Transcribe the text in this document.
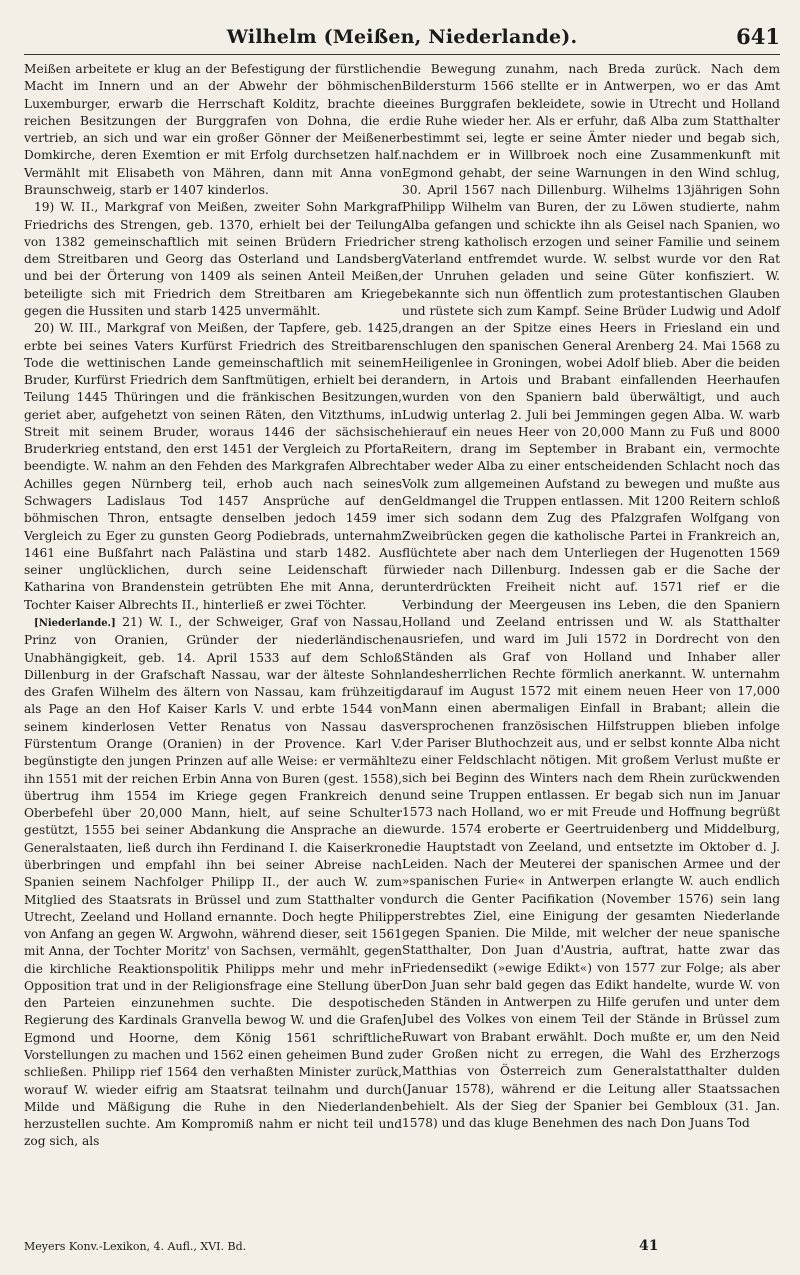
Wilhelm (Meißen, Niederlande).	641

Meißen arbeitete er klug an der Befestigung der fürstlichen Macht im Innern und an der Abwehr der böhmischen Luxemburger, erwarb die Herrschaft Kolditz, brachte die reichen Besitzungen der Burggrafen von Dohna, die er vertrieb, an sich und war ein großer Gönner der Meißener Domkirche, deren Exemtion er mit Erfolg durchsetzen half. Vermählt mit Elisabeth von Mähren, dann mit Anna von Braunschweig, starb er 1407 kinderlos.

19) W. II., Markgraf von Meißen, zweiter Sohn Markgraf Friedrichs des Strengen, geb. 1370, erhielt bei der Teilung von 1382 gemeinschaftlich mit seinen Brüdern Friedrich dem Streitbaren und Georg das Osterland und Landsberg und bei der Örterung von 1409 als seinen Anteil Meißen, beteiligte sich mit Friedrich dem Streitbaren am Kriege gegen die Hussiten und starb 1425 unvermählt.

20) W. III., Markgraf von Meißen, der Tapfere, geb. 1425, erbte bei seines Vaters Kurfürst Friedrich des Streitbaren Tode die wettinischen Lande gemeinschaftlich mit seinem Bruder, Kurfürst Friedrich dem Sanftmütigen, erhielt bei der Teilung 1445 Thüringen und die fränkischen Besitzungen, geriet aber, aufgehetzt von seinen Räten, den Vitzthums, in Streit mit seinem Bruder, woraus 1446 der sächsische Bruderkrieg entstand, den erst 1451 der Vergleich zu Pforta beendigte. W. nahm an den Fehden des Markgrafen Albrecht Achilles gegen Nürnberg teil, erhob auch nach seines Schwagers Ladislaus Tod 1457 Ansprüche auf den böhmischen Thron, entsagte denselben jedoch 1459 im Vergleich zu Eger zu gunsten Georg Podiebrads, unternahm 1461 eine Bußfahrt nach Palästina und starb 1482. Aus seiner unglücklichen, durch seine Leidenschaft für Katharina von Brandenstein getrübten Ehe mit Anna, der Tochter Kaiser Albrechts II., hinterließ er zwei Töchter.

[Niederlande.] 21) W. I., der Schweiger, Graf von Nassau, Prinz von Oranien, Gründer der niederländischen Unabhängigkeit, geb. 14. April 1533 auf dem Schloß Dillenburg in der Grafschaft Nassau, war der älteste Sohn des Grafen Wilhelm des ältern von Nassau, kam frühzeitig als Page an den Hof Kaiser Karls V. und erbte 1544 von seinem kinderlosen Vetter Renatus von Nassau das Fürstentum Orange (Oranien) in der Provence. Karl V. begünstigte den jungen Prinzen auf alle Weise: er vermählte ihn 1551 mit der reichen Erbin Anna von Buren (gest. 1558), übertrug ihm 1554 im Kriege gegen Frankreich den Oberbefehl über 20,000 Mann, hielt, auf seine Schulter gestützt, 1555 bei seiner Abdankung die Ansprache an die Generalstaaten, ließ durch ihn Ferdinand I. die Kaiserkrone überbringen und empfahl ihn bei seiner Abreise nach Spanien seinem Nachfolger Philipp II., der auch W. zum Mitglied des Staatsrats in Brüssel und zum Statthalter von Utrecht, Zeeland und Holland ernannte. Doch hegte Philipp von Anfang an gegen W. Argwohn, während dieser, seit 1561 mit Anna, der Tochter Moritz' von Sachsen, vermählt, gegen die kirchliche Reaktionspolitik Philipps mehr und mehr in Opposition trat und in der Religionsfrage eine Stellung über den Parteien einzunehmen suchte. Die despotische Regierung des Kardinals Granvella bewog W. und die Grafen Egmond und Hoorne, dem König 1561 schriftliche Vorstellungen zu machen und 1562 einen geheimen Bund zu schließen. Philipp rief 1564 den verhaßten Minister zurück, worauf W. wieder eifrig am Staatsrat teilnahm und durch Milde und Mäßigung die Ruhe in den Niederlanden herzustellen suchte. Am Kompromiß nahm er nicht teil und zog sich, als

die Bewegung zunahm, nach Breda zurück. Nach dem Bildersturm 1566 stellte er in Antwerpen, wo er das Amt eines Burggrafen bekleidete, sowie in Utrecht und Holland die Ruhe wieder her. Als er erfuhr, daß Alba zum Statthalter bestimmt sei, legte er seine Ämter nieder und begab sich, nachdem er in Willbroek noch eine Zusammenkunft mit Egmond gehabt, der seine Warnungen in den Wind schlug, 30. April 1567 nach Dillenburg. Wilhelms 13jährigen Sohn Philipp Wilhelm van Buren, der zu Löwen studierte, nahm Alba gefangen und schickte ihn als Geisel nach Spanien, wo er streng katholisch erzogen und seiner Familie und seinem Vaterland entfremdet wurde. W. selbst wurde vor den Rat der Unruhen geladen und seine Güter konfisziert. W. bekannte sich nun öffentlich zum protestantischen Glauben und rüstete sich zum Kampf. Seine Brüder Ludwig und Adolf drangen an der Spitze eines Heers in Friesland ein und schlugen den spanischen General Arenberg 24. Mai 1568 zu Heiligenlee in Groningen, wobei Adolf blieb. Aber die beiden andern, in Artois und Brabant einfallenden Heerhaufen wurden von den Spaniern bald überwältigt, und auch Ludwig unterlag 2. Juli bei Jemmingen gegen Alba. W. warb hierauf ein neues Heer von 20,000 Mann zu Fuß und 8000 Reitern, drang im September in Brabant ein, vermochte aber weder Alba zu einer entscheidenden Schlacht noch das Volk zum allgemeinen Aufstand zu bewegen und mußte aus Geldmangel die Truppen entlassen. Mit 1200 Reitern schloß er sich sodann dem Zug des Pfalzgrafen Wolfgang von Zweibrücken gegen die katholische Partei in Frankreich an, flüchtete aber nach dem Unterliegen der Hugenotten 1569 wieder nach Dillenburg. Indessen gab er die Sache der unterdrückten Freiheit nicht auf. 1571 rief er die Verbindung der Meergeusen ins Leben, die den Spaniern Holland und Zeeland entrissen und W. als Statthalter ausriefen, und ward im Juli 1572 in Dordrecht von den Ständen als Graf von Holland und Inhaber aller landesherrlichen Rechte förmlich anerkannt. W. unternahm darauf im August 1572 mit einem neuen Heer von 17,000 Mann einen abermaligen Einfall in Brabant; allein die versprochenen französischen Hilfstruppen blieben infolge der Pariser Bluthochzeit aus, und er selbst konnte Alba nicht zu einer Feldschlacht nötigen. Mit großem Verlust mußte er sich bei Beginn des Winters nach dem Rhein zurückwenden und seine Truppen entlassen. Er begab sich nun im Januar 1573 nach Holland, wo er mit Freude und Hoffnung begrüßt wurde. 1574 eroberte er Geertruidenberg und Middelburg, die Hauptstadt von Zeeland, und entsetzte im Oktober d. J. Leiden. Nach der Meuterei der spanischen Armee und der »spanischen Furie« in Antwerpen erlangte W. auch endlich durch die Genter Pacifikation (November 1576) sein lang erstrebtes Ziel, eine Einigung der gesamten Niederlande gegen Spanien. Die Milde, mit welcher der neue spanische Statthalter, Don Juan d'Austria, auftrat, hatte zwar das Friedensedikt (»ewige Edikt«) von 1577 zur Folge; als aber Don Juan sehr bald gegen das Edikt handelte, wurde W. von den Ständen in Antwerpen zu Hilfe gerufen und unter dem Jubel des Volkes von einem Teil der Stände in Brüssel zum Ruwart von Brabant erwählt. Doch mußte er, um den Neid der Großen nicht zu erregen, die Wahl des Erzherzogs Matthias von Österreich zum Generalstatthalter dulden (Januar 1578), während er die Leitung aller Staatssachen behielt. Als der Sieg der Spanier bei Gembloux (31. Jan. 1578) und das kluge Benehmen des nach Don Juans Tod

Meyers Konv.-Lexikon, 4. Aufl., XVI. Bd.	41
